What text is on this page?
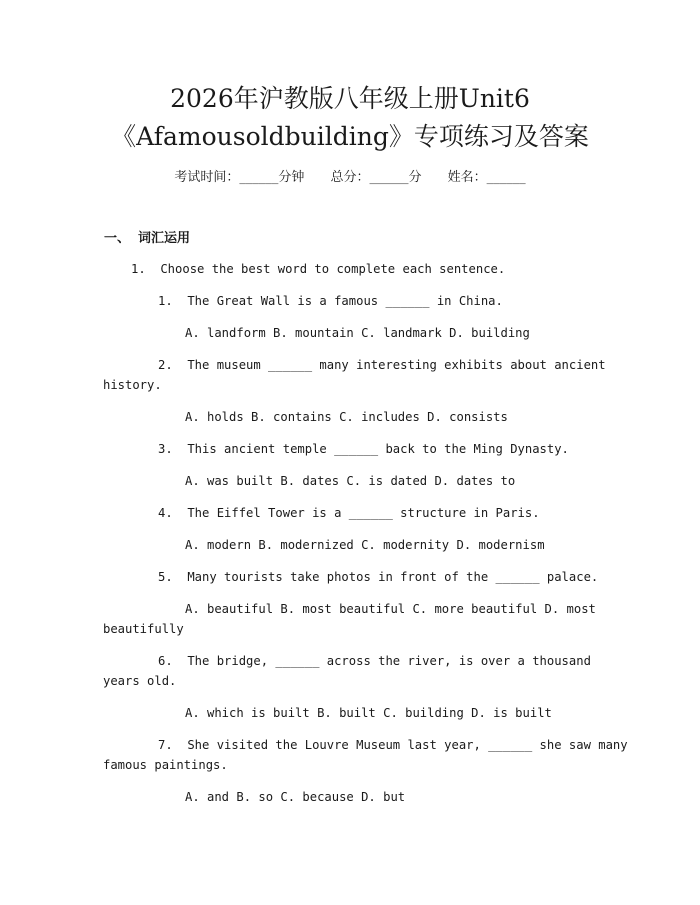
2026年沪教版八年级上册Unit6
《Afamousoldbuilding》专项练习及答案
考试时间：______分钟 总分：______分 姓名：______
一、 词汇运用

1.  Choose the best word to complete each sentence.

1.  The Great Wall is a famous ______ in China.

A. landform B. mountain C. landmark D. building

2.  The museum ______ many interesting exhibits about ancient

history.

A. holds B. contains C. includes D. consists

3.  This ancient temple ______ back to the Ming Dynasty.

A. was built B. dates C. is dated D. dates to

4.  The Eiffel Tower is a ______ structure in Paris.

A. modern B. modernized C. modernity D. modernism

5.  Many tourists take photos in front of the ______ palace.

A. beautiful B. most beautiful C. more beautiful D. most

beautifully

6.  The bridge, ______ across the river, is over a thousand

years old.

A. which is built B. built C. building D. is built

7.  She visited the Louvre Museum last year, ______ she saw many

famous paintings.

A. and B. so C. because D. but
